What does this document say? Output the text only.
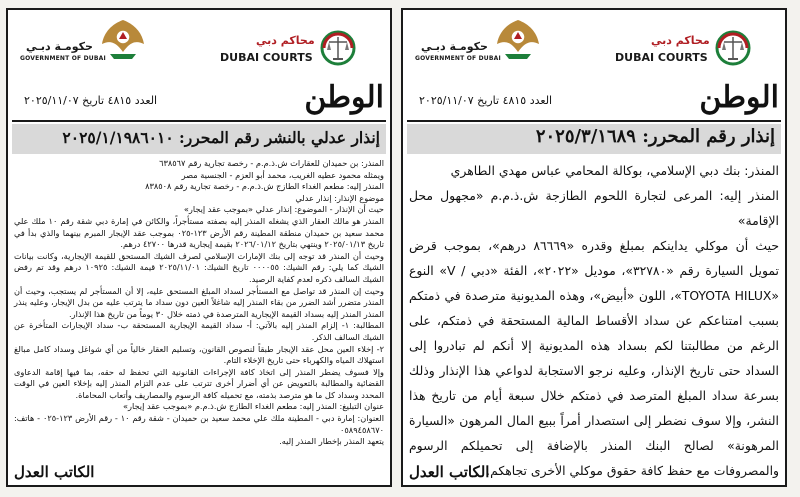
محاكم دبي
DUBAI COURTS
حكومـة دبـي
GOVERNMENT OF DUBAI
الوطن
العدد ٤٨١٥ تاريخ ٢٠٢٥/١١/٠٧
إنذار رقم المحرر: ٢٠٢٥/٣/١٦٨٩

المنذر: بنك دبي الإسلامي، بوكالة المحامي عباس مهدي الطاهري

المنذر إليه: المرعى لتجارة اللحوم الطازجة ش.ذ.م.م «مجهول محل الإقامة»

حيث أن موكلي يداينكم بمبلغ وقدره «٨٦٦٦٩ درهم»، بموجب قرض تمويل السيارة رقم «٣٢٧٨٠»، موديل «٢٠٢٢»، الفئة «دبي / V» النوع «TOYOTA HILUX»، اللون «أبيض»، وهذه المديونية مترصدة في ذمتكم بسبب امتناعكم عن سداد الأقساط المالية المستحقة في ذمتكم، على الرغم من مطالبتنا لكم بسداد هذه المديونية إلا أنكم لم تبادروا إلى السداد حتى تاريخ الإنذار، وعليه نرجو الاستجابة لدواعي هذا الإنذار وذلك بسرعة سداد المبلغ المترصد في ذمتكم خلال سبعة أيام من تاريخ هذا النشر، وإلا سوف نضطر إلى استصدار أمراً ببيع المال المرهون «السيارة المرهونة» لصالح البنك المنذر بالإضافة إلى تحميلكم الرسوم والمصروفات مع حفظ كافة حقوق موكلي الأخرى تجاهكم.

الكاتب العدل
محاكم دبي
DUBAI COURTS
حكومـة دبـي
GOVERNMENT OF DUBAI
الوطن
العدد ٤٨١٥ تاريخ ٢٠٢٥/١١/٠٧
إنذار عدلي بالنشر رقم المحرر: ٢٠٢٥/١/١٩٨٦٠١٠

المنذر: بن حميدان للعقارات ش.ذ.م.م - رخصة تجارية رقم ٦٣٨٥٦٧

ويمثله محمود عطيه الغريب، محمد أبو العزم - الجنسية مصر

المنذر إليه: مطعم الغداء الطازج ش.ذ.م.م - رخصة تجارية رقم ٨٣٨٥٠٨

موضوع الإنذار: إنذار عدلي

حيث أن الإنذار - الموضوع: إنذار عدلي «بموجب عقد إيجار»

المنذر هو مالك العقار الذي يشغله المنذر إليه بصفته مستأجراً، والكائن في إمارة دبي شقة رقم ١٠ ملك علي محمد سعيد بن حميدان منطقة المطينة رقم الأرض ١٢٣-٠٢٥ بموجب عقد الإيجار المبرم بينهما والذي بدأ في تاريخ ٢٠٢٥/٠١/١٣ وينتهي بتاريخ ٢٠٢٦/٠١/١٢ بقيمة إيجارية قدرها ٤٢٧٠٠ درهم.

وحيث أن المنذر قد توجه إلى بنك الإمارات الإسلامي لصرف الشيك المستحق للقيمة الإيجارية، وكانت بيانات الشيك كما يلي: رقم الشيك: ٠٠٠٠٥٥ تاريخ الشيك: ٢٠٢٥/١١/٠١ قيمة الشيك: ١٠٩٢٥ درهم وقد تم رفض الشيك السالف ذكره لعدم كفاية الرصيد.

وحيث إن المنذر قد تواصل مع المستأجر لسداد المبلغ المستحق عليه، إلا أن المستأجر لم يستجب، وحيث أن المنذر متضرر أشد الضرر من بقاء المنذر إليه شاغلاً العين دون سداد ما يترتب عليه من بدل الإيجار، وعليه ينذر المنذر المنذر إليه بسداد القيمة الإيجارية المترصدة في ذمته خلال ٣٠ يوماً من تاريخ هذا الإنذار.

المطالبة: ١- إلزام المنذر إليه بالآتي: أ- سداد القيمة الإيجارية المستحقة ب- سداد الإيجارات المتأخرة عن الشيك السالف الذكر.

٢- إخلاء العين محل عقد الإيجار طبقاً لنصوص القانون، وتسليم العقار خالياً من أي شواغل وسداد كامل مبالغ استهلاك المياه والكهرباء حتى تاريخ الإخلاء التام.

وإلا فسوف يضطر المنذر إلى اتخاذ كافة الإجراءات القانونية التي تحفظ له حقه، بما فيها إقامة الدعاوى القضائية والمطالبة بالتعويض عن أي أضرار أخرى تترتب على عدم التزام المنذر إليه بإخلاء العين في الوقت المحدد وسداد كل ما هو مترصد بذمته، مع تحميله كافة الرسوم والمصاريف وأتعاب المحاماة.

عنوان التبليغ: المنذر إليه: مطعم الغداء الطازج ش.ذ.م.م «بموجب عقد إيجار»

العنوان: إمارة دبي - المطينة ملك علي محمد سعيد بن حميدان - شقة رقم ١٠ - رقم الأرض ١٢٣-٠٢٥ - هاتف: ٠٥٨٩٤٥٨٦٧٠

يتعهد المنذر بإخطار المنذر إليه.

الكاتب العدل
